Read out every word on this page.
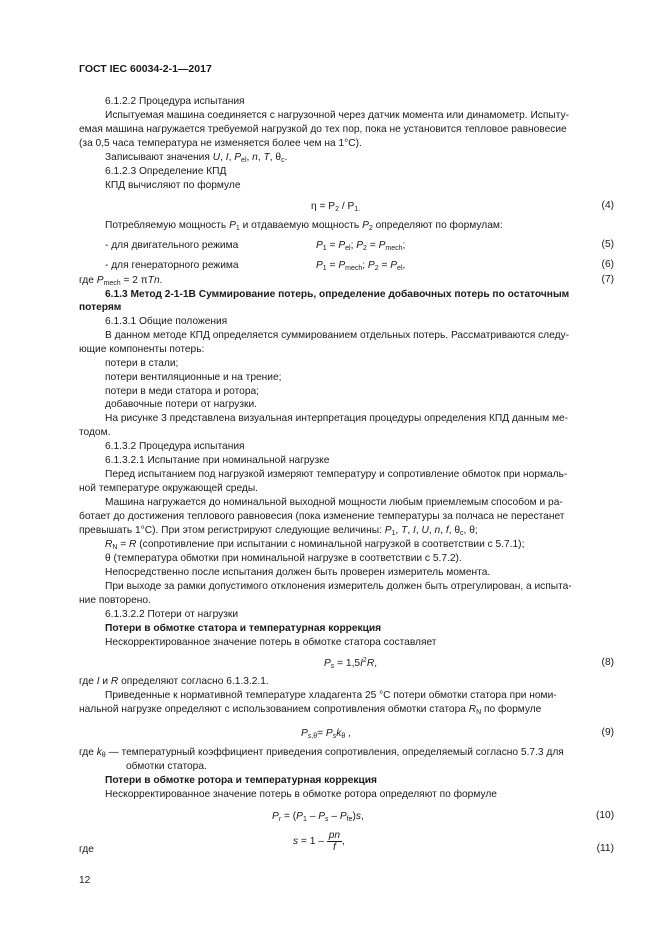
ГОСТ IEC 60034-2-1—2017
6.1.2.2 Процедура испытания
Испытуемая машина соединяется с нагрузочной через датчик момента или динамометр. Испыту-
емая машина нагружается требуемой нагрузкой до тех пор, пока не установится тепловое равновесие
(за 0,5 часа температура не изменяется более чем на 1°С).
Записывают значения U, I, $P_{el}$, n, T, $\theta_c$.
6.1.2.3 Определение КПД
КПД вычисляют по формуле
$\eta = P_2 / P_{1.}$	(4)
Потребляемую мощность $P_1$ и отдаваемую мощность $P_2$ определяют по формулам:
- для двигательного режима	$P_1 = P_{el}$; $P_2 = P_{mech}$;	(5)
- для генераторного режима	$P_1 = P_{mech}$; $P_2 = P_{el}$,	(6)
где $P_{mech} = 2$ πTn.	(7)
6.1.3 Метод 2-1-1В Суммирование потерь, определение добавочных потерь по остаточным
потерям
6.1.3.1 Общие положения
В данном методе КПД определяется суммированием отдельных потерь. Рассматриваются следу-
ющие компоненты потерь:
потери в стали;
потери вентиляционные и на трение;
потери в меди статора и ротора;
добавочные потери от нагрузки.
На рисунке 3 представлена визуальная интерпретация процедуры определения КПД данным ме-
тодом.
6.1.3.2 Процедура испытания
6.1.3.2.1 Испытание при номинальной нагрузке
Перед испытанием под нагрузкой измеряют температуру и сопротивление обмоток при нормаль-
ной температуре окружающей среды.
Машина нагружается до номинальной выходной мощности любым приемлемым способом и ра-
ботает до достижения теплового равновесия (пока изменение температуры за полчаса не перестанет
превышать 1°С). При этом регистрируют следующие величины: $P_1$, T, I, U, n, f, $\theta_c$, θ;
$R_N = R$ (сопротивление при испытании с номинальной нагрузкой в соответствии с 5.7.1);
θ (температура обмотки при номинальной нагрузке в соответствии с 5.7.2).
Непосредственно после испытания должен быть проверен измеритель момента.
При выходе за рамки допустимого отклонения измеритель должен быть отрегулирован, а испыта-
ние повторено.
6.1.3.2.2 Потери от нагрузки
Потери в обмотке статора и температурная коррекция
Нескорректированное значение потерь в обмотке статора составляет
$P_s = 1,5I^2R$,	(8)
где I и R определяют согласно 6.1.3.2.1.
Приведенные к нормативной температуре хладагента 25 °С потери обмотки статора при номи-
нальной нагрузке определяют с использованием сопротивления обмотки статора $R_N$ по формуле
$P_{s,\theta}= P_sk_\theta$ ,	(9)
где $k_\theta$ — температурный коэффициент приведения сопротивления, определяемый согласно 5.7.3 для
обмотки статора.
Потери в обмотке ротора и температурная коррекция
Нескорректированное значение потерь в обмотке ротора определяют по формуле
$P_r = (P_1 - P_s - P_{fe})s$,	(10)
где
$s = 1 - \frac{pn}{f}$ ,
(11)
12
